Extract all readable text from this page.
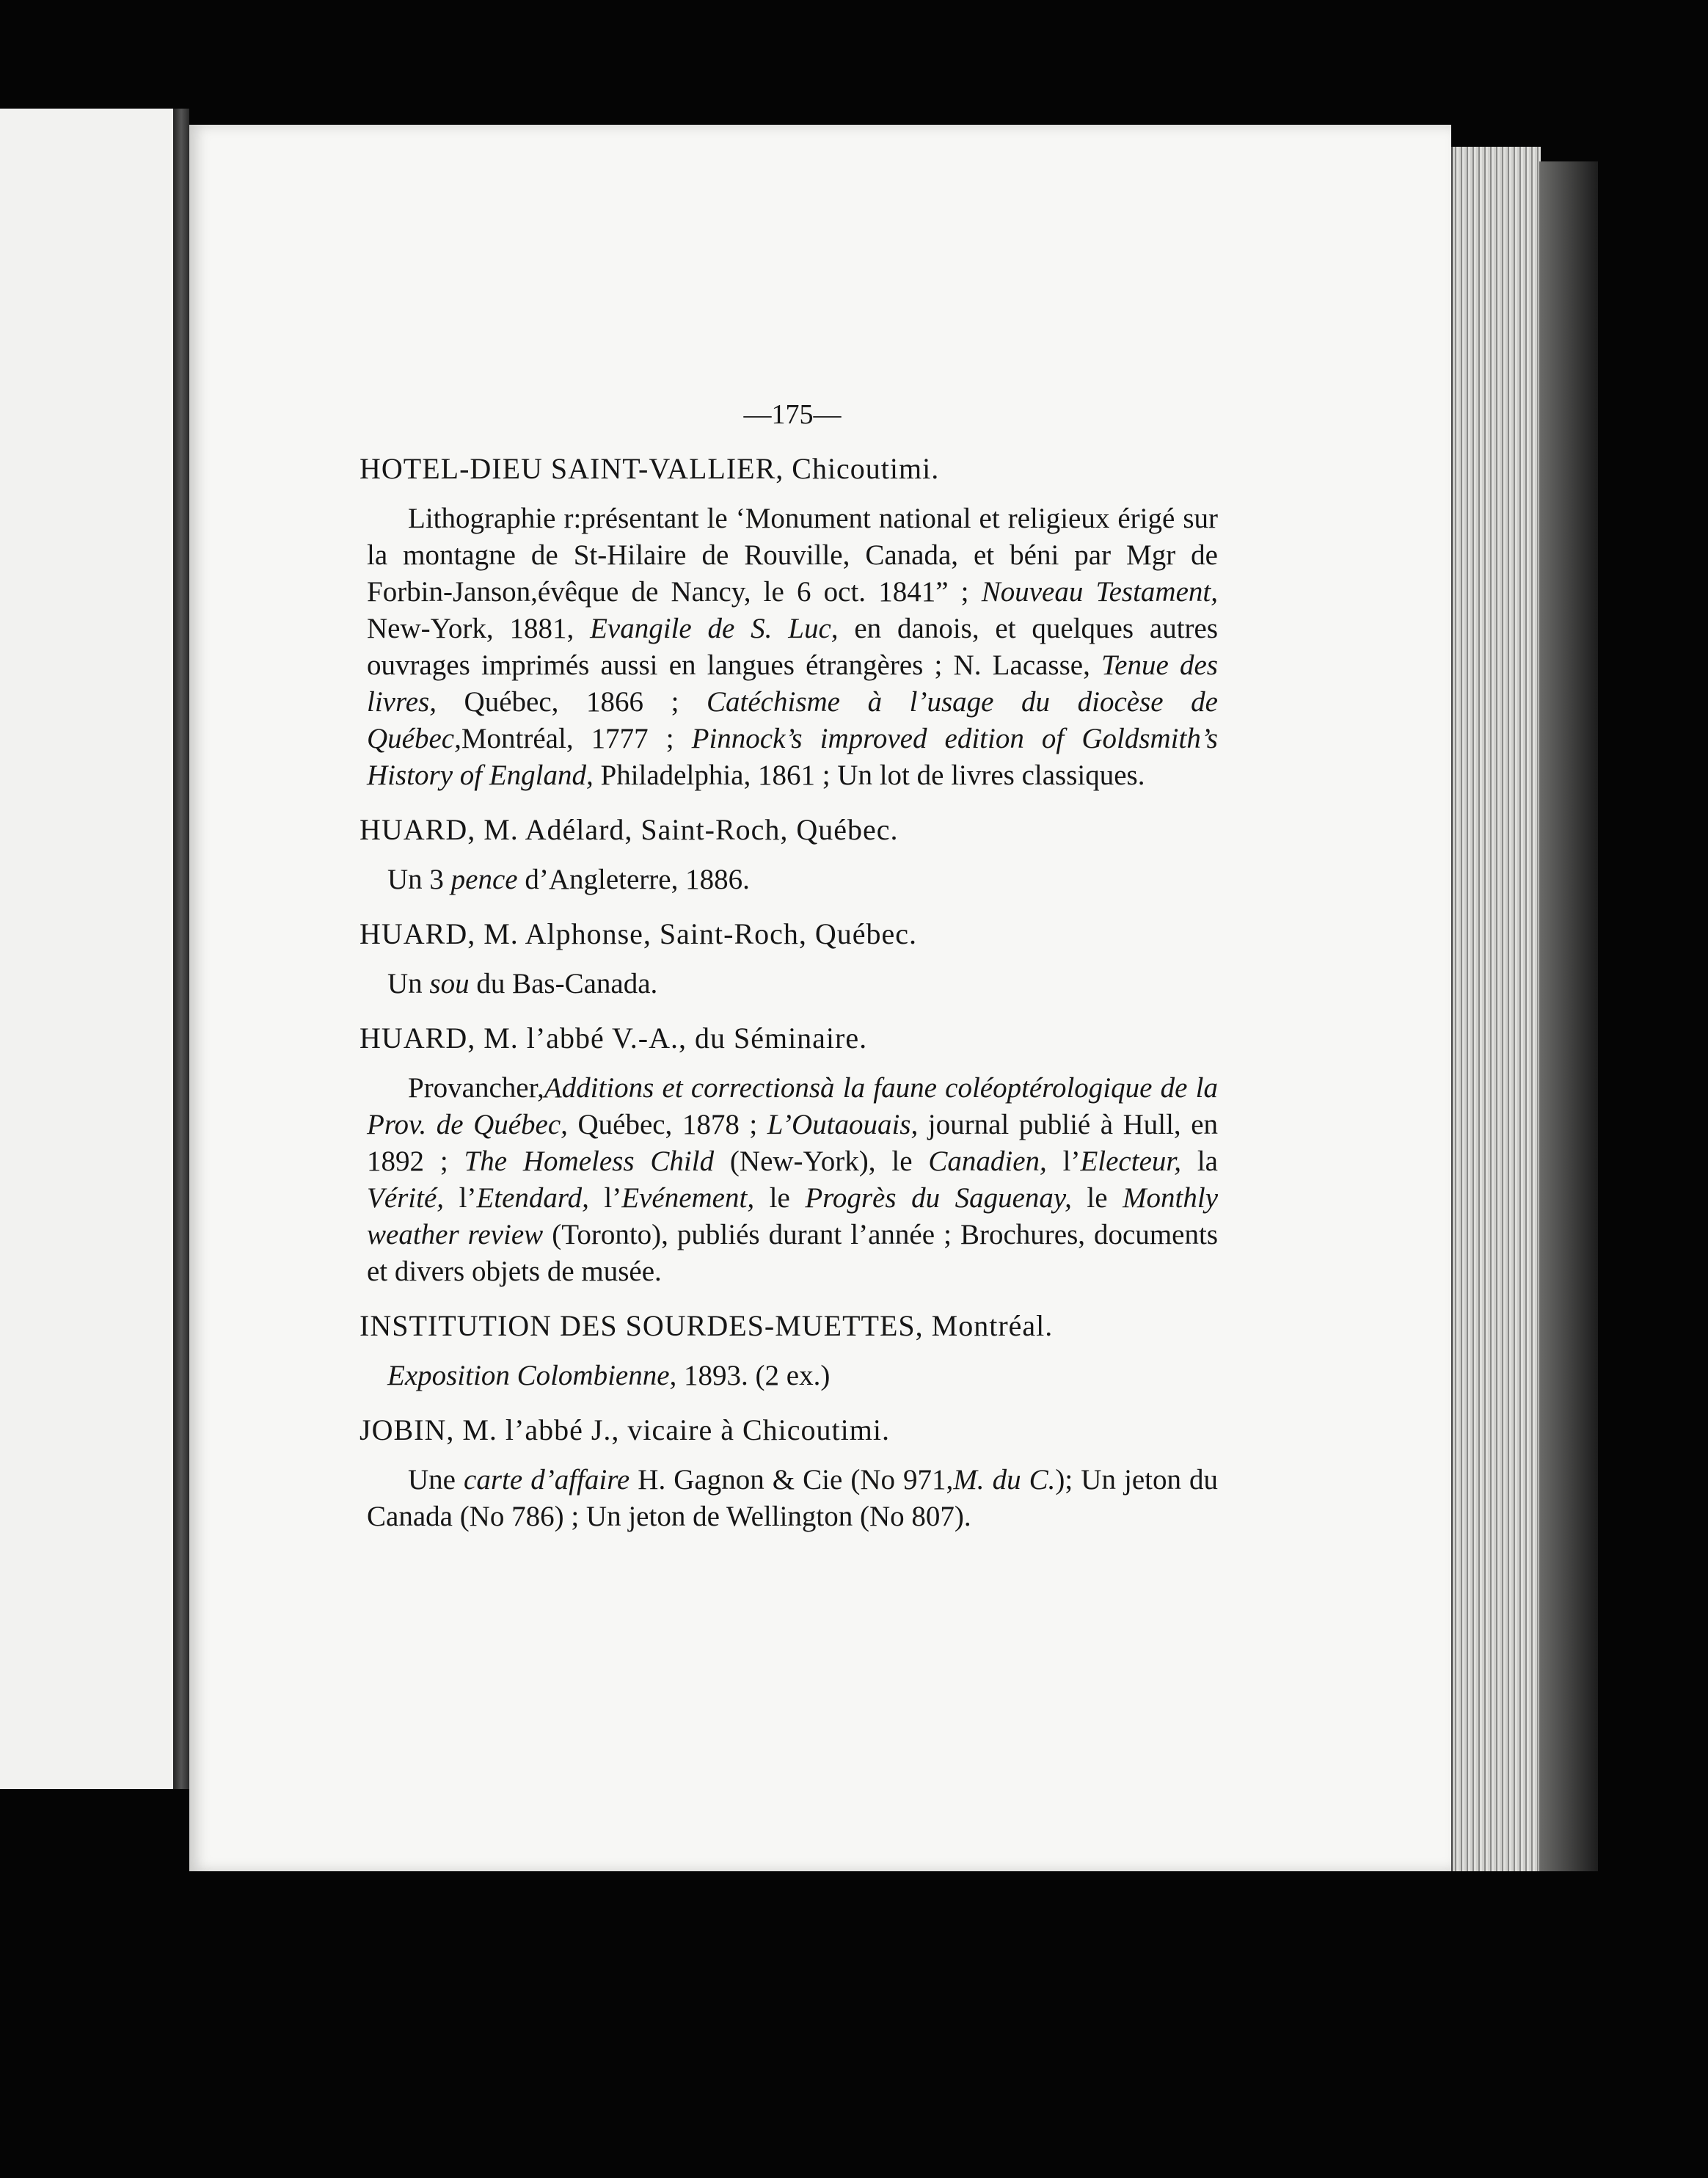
—175—
HOTEL-DIEU SAINT-VALLIER, Chicoutimi.

Lithographie r:présentant le ‘Monument national et religieux érigé sur la montagne de St-Hilaire de Rouville, Canada, et béni par Mgr de Forbin-Janson,évêque de Nancy, le 6 oct. 1841” ; Nouveau Testament, New-York, 1881, Evangile de S. Luc, en danois, et quelques autres ouvrages imprimés aussi en langues étrangères ; N. Lacasse, Tenue des livres, Québec, 1866 ; Catéchisme à l’usage du diocèse de Québec,Montréal, 1777 ; Pinnock’s improved edition of Goldsmith’s History of England, Philadelphia, 1861 ; Un lot de livres classiques.

HUARD, M. Adélard, Saint-Roch, Québec.

Un 3 pence d’Angleterre, 1886.

HUARD, M. Alphonse, Saint-Roch, Québec.

Un sou du Bas-Canada.

HUARD, M. l’abbé V.-A., du Séminaire.

Provancher,Additions et correctionsà la faune coléoptérologique de la Prov. de Québec, Québec, 1878 ; L’Outaouais, journal publié à Hull, en 1892 ; The Homeless Child (New-York), le Canadien, l’Electeur, la Vérité, l’Etendard, l’Evénement, le Progrès du Saguenay, le Monthly weather review (Toronto), publiés durant l’année ; Brochures, documents et divers objets de musée.

INSTITUTION DES SOURDES-MUETTES, Montréal.

Exposition Colombienne, 1893. (2 ex.)

JOBIN, M. l’abbé J., vicaire à Chicoutimi.

Une carte d’affaire H. Gagnon & Cie (No 971,M. du C.); Un jeton du Canada (No 786) ; Un jeton de Wellington (No 807).
